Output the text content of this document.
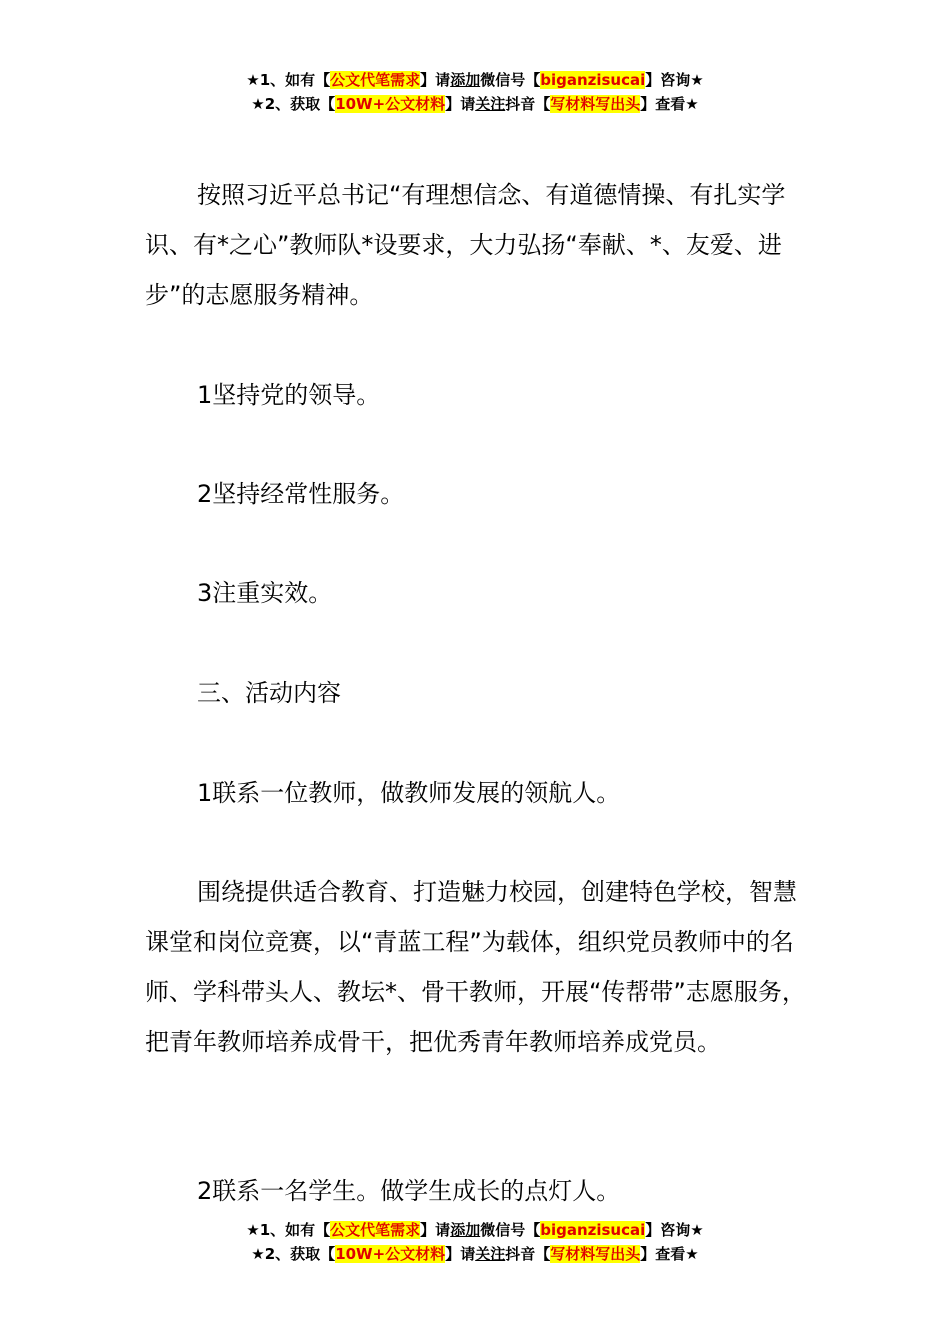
★1、如有【公文代笔需求】请添加微信号【biganzisucai】咨询★
★2、获取【10W+公文材料】请关注抖音【写材料写出头】查看★

按照习近平总书记“有理想信念、有道德情操、有扎实学识、有*之心”教师队*设要求，大力弘扬“奉献、*、友爱、进步”的志愿服务精神。

1坚持党的领导。

2坚持经常性服务。

3注重实效。

三、活动内容

1联系一位教师，做教师发展的领航人。

围绕提供适合教育、打造魅力校园，创建特色学校，智慧课堂和岗位竞赛，以“青蓝工程”为载体，组织党员教师中的名师、学科带头人、教坛*、骨干教师，开展“传帮带”志愿服务，把青年教师培养成骨干，把优秀青年教师培养成党员。

2联系一名学生。做学生成长的点灯人。

★1、如有【公文代笔需求】请添加微信号【biganzisucai】咨询★
★2、获取【10W+公文材料】请关注抖音【写材料写出头】查看★
